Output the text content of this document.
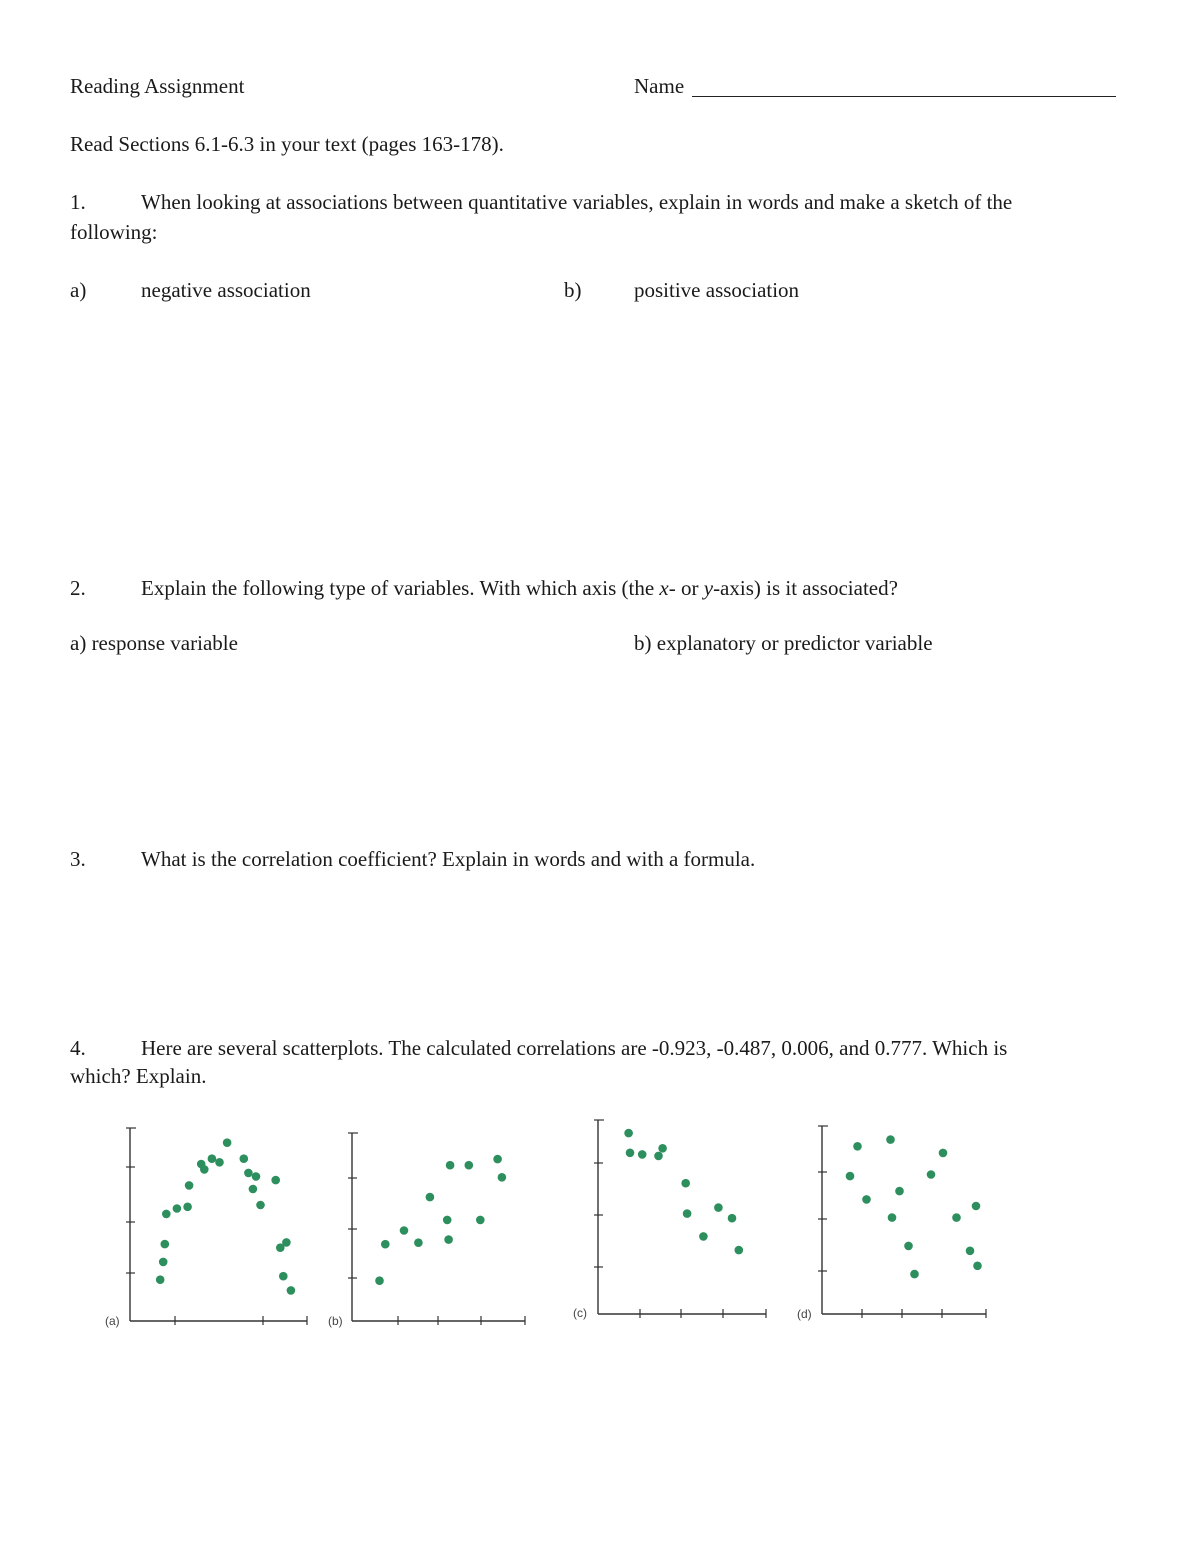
Reading Assignment	Name
Read Sections 6.1-6.3 in your text (pages 163-178).
1.	When looking at associations between quantitative variables, explain in words and make a sketch of the
following:
a)	negative association	b)	positive association
2.	Explain the following type of variables. With which axis (the x- or y-axis) is it associated?
a) response variable	b) explanatory or predictor variable
3.	What is the correlation coefficient? Explain in words and with a formula.
4.	Here are several scatterplots. The calculated correlations are -0.923, -0.487, 0.006, and 0.777. Which is
which? Explain.
(a)	(b)
(c)	(d)
